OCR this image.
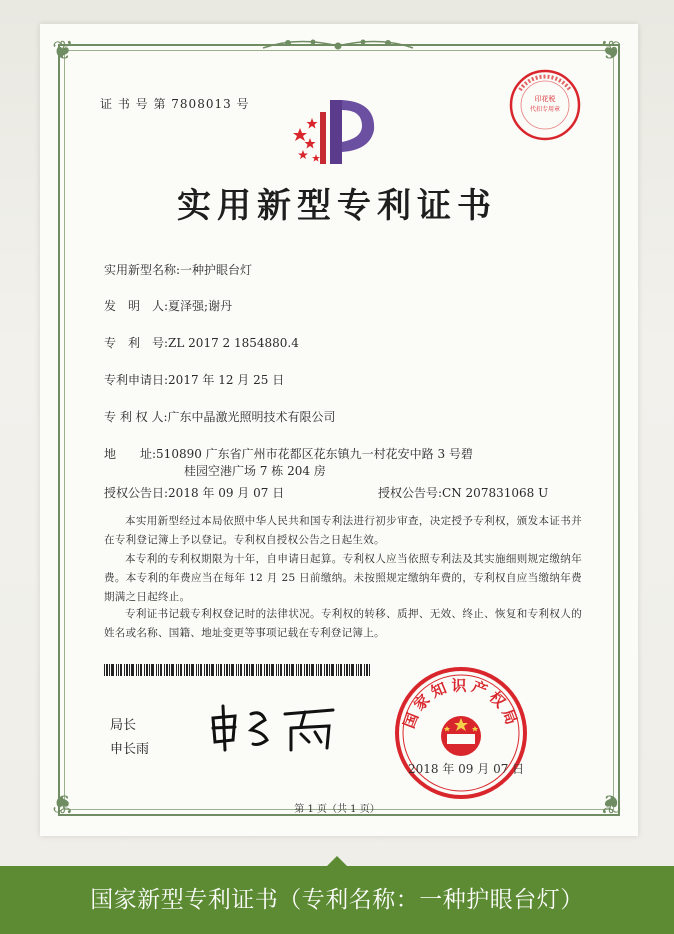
❦	❦
❦	❦
证 书 号 第 7808013 号	印花税
代扣专用章
实用新型专利证书
实用新型名称:一种护眼台灯
发　明　人:夏泽强;谢丹
专　利　号:ZL 2017 2 1854880.4
专利申请日:2017 年 12 月 25 日
专 利 权 人:广东中晶激光照明技术有限公司
地　　址:510890 广东省广州市花都区花东镇九一村花安中路 3 号碧
桂园空港广场 7 栋 204 房
授权公告日:2018 年 09 月 07 日	授权公告号:CN 207831068 U
本实用新型经过本局依照中华人民共和国专利法进行初步审查，决定授予专利权，颁发本证书并在专利登记簿上予以登记。专利权自授权公告之日起生效。
本专利的专利权期限为十年，自申请日起算。专利权人应当依照专利法及其实施细则规定缴纳年费。本专利的年费应当在每年 12 月 25 日前缴纳。未按照规定缴纳年费的，专利权自应当缴纳年费期满之日起终止。
专利证书记载专利权登记时的法律状况。专利权的转移、质押、无效、终止、恢复和专利权人的姓名或名称、国籍、地址变更等事项记载在专利登记簿上。
局长
申长雨
国家知识产权局
2018 年 09 月 07 日
第 1 页（共 1 页）
国家新型专利证书（专利名称：一种护眼台灯）
